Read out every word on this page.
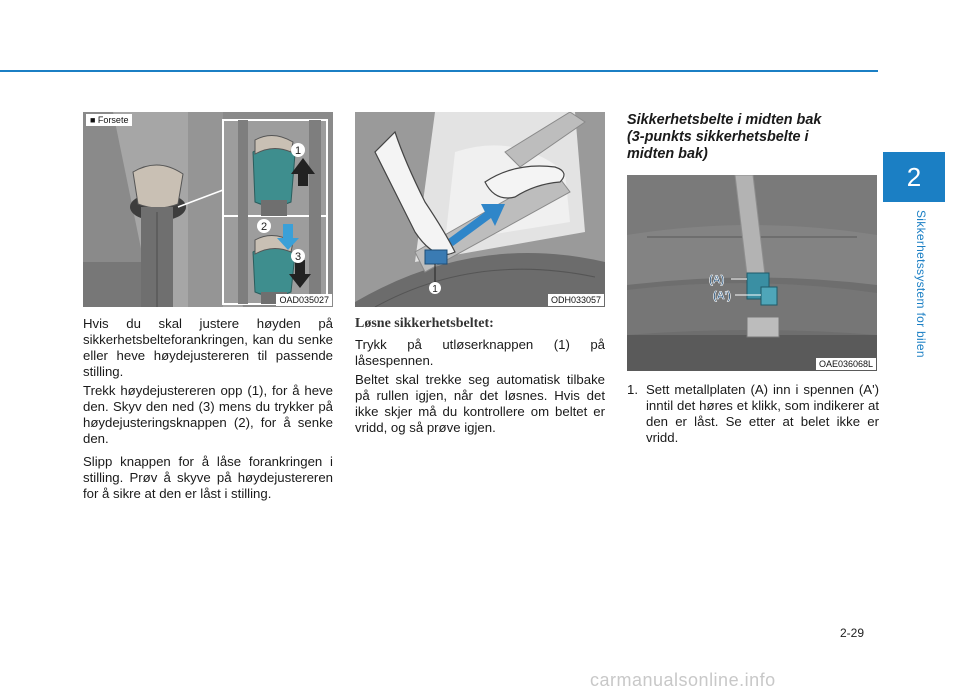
2
Sikkerhetssystem for bilen
1
2
3
■ Forsete
OAD035027

Hvis du skal justere høyden på sikkerhetsbelteforankringen, kan du senke eller heve høydejustereren til passende stilling.

Trekk høydejustereren opp (1), for å heve den. Skyv den ned (3) mens du trykker på høydejusteringsknappen (2), for å senke den.

Slipp knappen for å låse forankringen i stilling. Prøv å skyve på høydejustereren for å sikre at den er låst i stilling.

1
ODH033057
Løsne sikkerhetsbeltet:

Trykk på utløserknappen (1) på låsespennen.

Beltet skal trekke seg automatisk tilbake på rullen igjen, når det løsnes. Hvis det ikke skjer må du kontrollere om beltet er vridd, og så prøve igjen.

Sikkerhetsbelte i midten bak
(3-punkts sikkerhetsbelte i
midten bak)
(A)
(A')
OAE036068L
1. Sett metallplaten (A) inn i spennen (A') inntil det høres et klikk, som indikerer at den er låst. Se etter at belet ikke er vridd.
2-29
carmanualsonline.info
